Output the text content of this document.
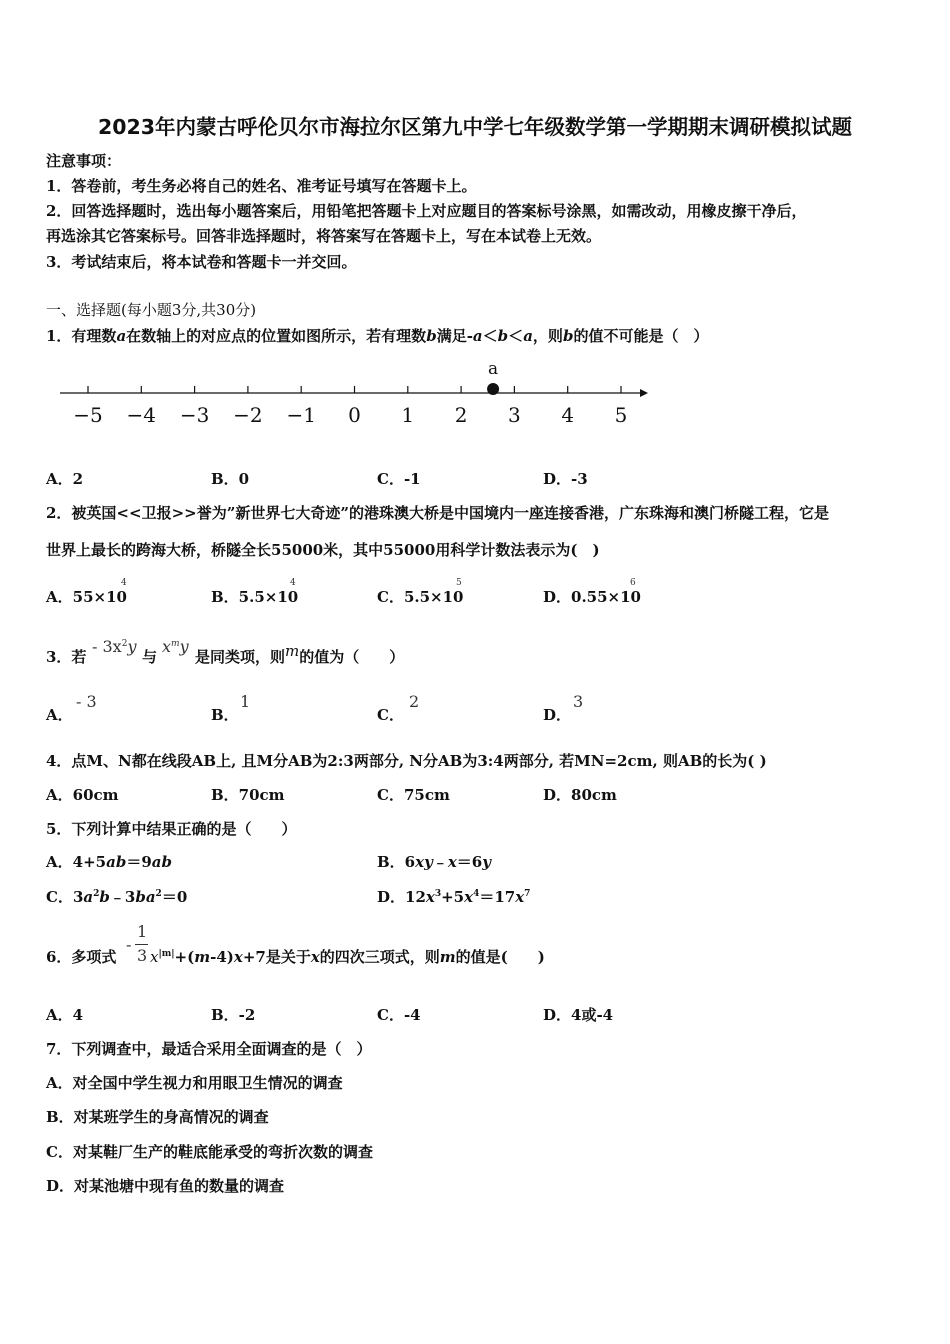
2023年内蒙古呼伦贝尔市海拉尔区第九中学七年级数学第一学期期末调研模拟试题
注意事项：
1．答卷前，考生务必将自己的姓名、准考证号填写在答题卡上。
2．回答选择题时，选出每小题答案后，用铅笔把答题卡上对应题目的答案标号涂黑，如需改动，用橡皮擦干净后，
再选涂其它答案标号。回答非选择题时，将答案写在答题卡上，写在本试卷上无效。
3．考试结束后，将本试卷和答题卡一并交回。
一、选择题(每小题3分,共30分)
1．有理数a在数轴上的对应点的位置如图所示，若有理数b满足-a＜b＜a，则b的值不可能是（　）
−5 −4 −3 −2 −1 0 1 2 3 4 5
a
A．2	B．0	C．-1	D．-3
2．被英国<<卫报>>誉为”新世界七大奇迹”的港珠澳大桥是中国境内一座连接香港，广东珠海和澳门桥隧工程，它是
世界上最长的跨海大桥，桥隧全长55000米，其中55000用科学计数法表示为(　)
A．55×10
4
B．5.5×10
4
C．5.5×10
5
D．0.55×10
6
3．若
- $3x^2y$
与
$x^my$
是同类项，则m的值为（　　）
A．
- 3
B．
1
C．
2
D．
3
4．点M、N都在线段AB上, 且M分AB为2:3两部分, N分AB为3:4两部分, 若MN=2cm, 则AB的长为( )
A．60cm	B．70cm	C．75cm	D．80cm
5．下列计算中结果正确的是（　　）
A．4+5ab＝9ab	B．6xy﹣x＝6y
C．$3a^2b﹣3ba^2=0$	D．$12x^3+5x^4=17x^7$
6．多项式
-
1
3 $x^{|m|}+(m-4)x+7$是关于x的四次三项式，则m的值是(　　)
A．4	B．-2	C．-4	D．4或-4
7．下列调查中，最适合采用全面调查的是（　）
A．对全国中学生视力和用眼卫生情况的调查
B．对某班学生的身高情况的调查
C．对某鞋厂生产的鞋底能承受的弯折次数的调查
D．对某池塘中现有鱼的数量的调查
